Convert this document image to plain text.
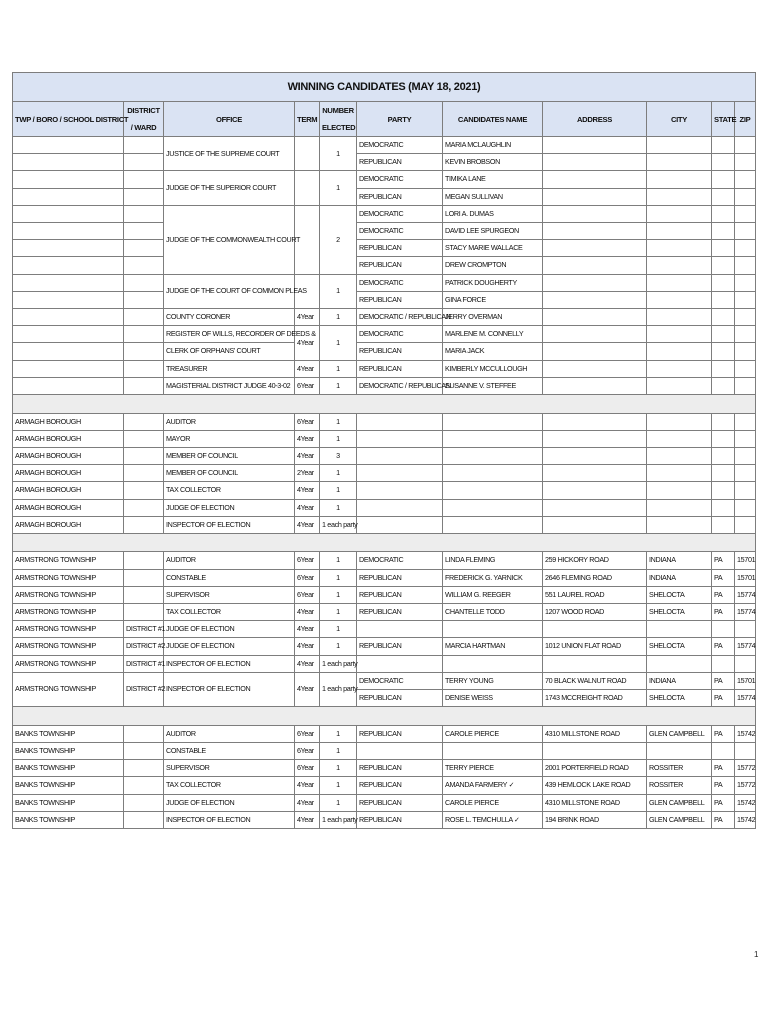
WINNING CANDIDATES (MAY 18, 2021)										
TWP / BORO / SCHOOL DISTRICT	DISTRICT / WARD	OFFICE	TERM	NUMBER ELECTED	PARTY	CANDIDATES NAME	ADDRESS	CITY	STATE	ZIP

		JUSTICE OF THE SUPREME COURT		1	DEMOCRATIC	MARIA MCLAUGHLIN				
					REPUBLICAN	KEVIN BROBSON				
		JUDGE OF THE SUPERIOR COURT		1	DEMOCRATIC	TIMIKA LANE				
					REPUBLICAN	MEGAN SULLIVAN				
		JUDGE OF THE COMMONWEALTH COURT		2	DEMOCRATIC	LORI A. DUMAS				
					DEMOCRATIC	DAVID LEE SPURGEON				
					REPUBLICAN	STACY MARIE WALLACE				
					REPUBLICAN	DREW CROMPTON				
		JUDGE OF THE COURT OF COMMON PLEAS		1	DEMOCRATIC	PATRICK DOUGHERTY				
					REPUBLICAN	GINA FORCE				
		COUNTY CORONER	4Year	1	DEMOCRATIC / REPUBLICAN	JERRY OVERMAN				
		REGISTER OF WILLS, RECORDER OF DEEDS &	4Year	1	DEMOCRATIC	MARLENE M. CONNELLY				
		CLERK OF ORPHANS' COURT			REPUBLICAN	MARIA JACK				
		TREASURER	4Year	1	REPUBLICAN	KIMBERLY MCCULLOUGH				
		MAGISTERIAL DISTRICT JUDGE 40-3-02	6Year	1	DEMOCRATIC / REPUBLICAN	SUSANNE V. STEFFEE				

ARMAGH BOROUGH		AUDITOR	6Year	1						
ARMAGH BOROUGH		MAYOR	4Year	1						
ARMAGH BOROUGH		MEMBER OF COUNCIL	4Year	3						
ARMAGH BOROUGH		MEMBER OF COUNCIL	2Year	1						
ARMAGH BOROUGH		TAX COLLECTOR	4Year	1						
ARMAGH BOROUGH		JUDGE OF ELECTION	4Year	1						
ARMAGH BOROUGH		INSPECTOR OF ELECTION	4Year	1 each party						

ARMSTRONG TOWNSHIP		AUDITOR	6Year	1	DEMOCRATIC	LINDA FLEMING	259 HICKORY ROAD	INDIANA	PA	15701
ARMSTRONG TOWNSHIP		CONSTABLE	6Year	1	REPUBLICAN	FREDERICK G. YARNICK	2646 FLEMING ROAD	INDIANA	PA	15701
ARMSTRONG TOWNSHIP		SUPERVISOR	6Year	1	REPUBLICAN	WILLIAM G. REEGER	551 LAUREL ROAD	SHELOCTA	PA	15774
ARMSTRONG TOWNSHIP		TAX COLLECTOR	4Year	1	REPUBLICAN	CHANTELLE TODD	1207 WOOD ROAD	SHELOCTA	PA	15774
ARMSTRONG TOWNSHIP	DISTRICT #1	JUDGE OF ELECTION	4Year	1						
ARMSTRONG TOWNSHIP	DISTRICT #2	JUDGE OF ELECTION	4Year	1	REPUBLICAN	MARCIA HARTMAN	1012 UNION FLAT ROAD	SHELOCTA	PA	15774
ARMSTRONG TOWNSHIP	DISTRICT #1	INSPECTOR OF ELECTION	4Year	1 each party						
ARMSTRONG TOWNSHIP	DISTRICT #2	INSPECTOR OF ELECTION	4Year	1 each party	DEMOCRATIC	TERRY YOUNG	70 BLACK WALNUT ROAD	INDIANA	PA	15701
					REPUBLICAN	DENISE WEISS	1743 MCCREIGHT ROAD	SHELOCTA	PA	15774

BANKS TOWNSHIP		AUDITOR	6Year	1	REPUBLICAN	CAROLE PIERCE	4310 MILLSTONE ROAD	GLEN CAMPBELL	PA	15742
BANKS TOWNSHIP		CONSTABLE	6Year	1						
BANKS TOWNSHIP		SUPERVISOR	6Year	1	REPUBLICAN	TERRY PIERCE	2001 PORTERFIELD ROAD	ROSSITER	PA	15772
BANKS TOWNSHIP		TAX COLLECTOR	4Year	1	REPUBLICAN	AMANDA FARMERY ✓	439 HEMLOCK LAKE ROAD	ROSSITER	PA	15772
BANKS TOWNSHIP		JUDGE OF ELECTION	4Year	1	REPUBLICAN	CAROLE PIERCE	4310 MILLSTONE ROAD	GLEN CAMPBELL	PA	15742
BANKS TOWNSHIP		INSPECTOR OF ELECTION	4Year	1 each party	REPUBLICAN	ROSE L. TEMCHULLA ✓	194 BRINK ROAD	GLEN CAMPBELL	PA	15742
1
